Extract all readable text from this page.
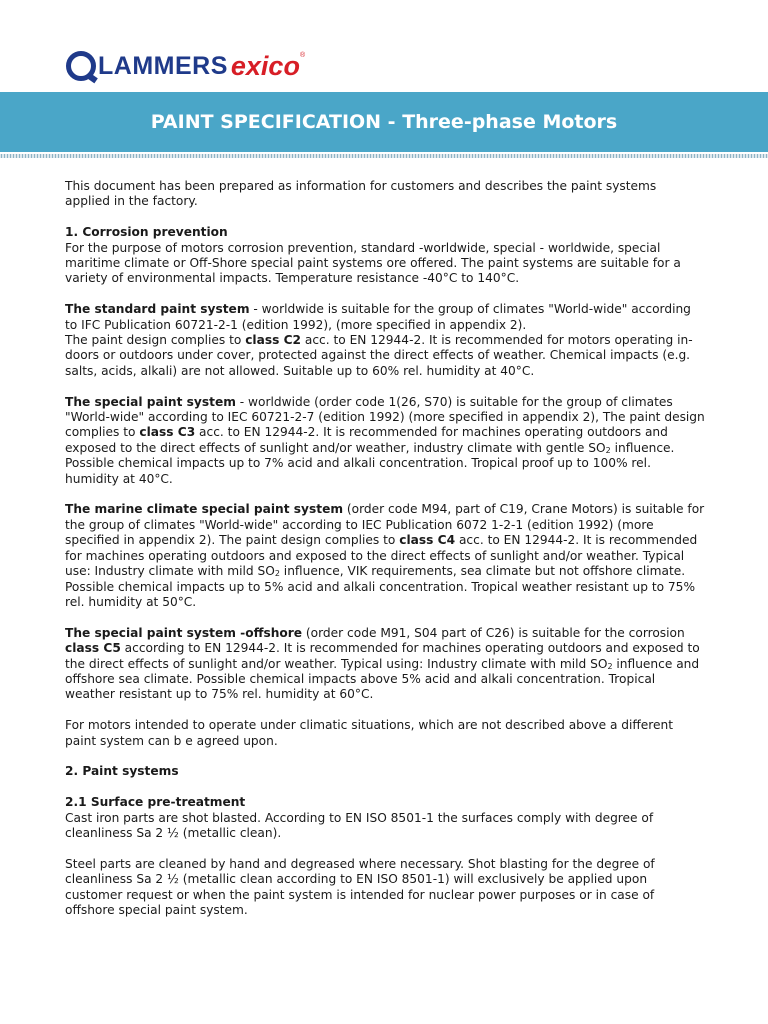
LAMMERS exico ®
PAINT SPECIFICATION - Three-phase Motors

This document has been prepared as information for customers and describes the paint systems applied in the factory.

1. Corrosion prevention
For the purpose of motors corrosion prevention, standard -worldwide, special - worldwide, special maritime climate or Off-Shore special paint systems ore offered. The paint systems are suitable for a variety of environmental impacts. Temperature resistance -40°C to 140°C.

The standard paint system - worldwide is suitable for the group of climates "World-wide" according to IFC Publication 60721-2-1 (edition 1992), (more specified in appendix 2).
The paint design complies to class C2 acc. to EN 12944-2. It is recommended for motors operating in-doors or outdoors under cover, protected against the direct effects of weather. Chemical impacts (e.g. salts, acids, alkali) are not allowed. Suitable up to 60% rel. humidity at 40°C.

The special paint system - worldwide (order code 1(26, S70) is suitable for the group of climates "World-wide" according to IEC 60721-2-7 (edition 1992) (more specified in appendix 2), The paint design complies to class C3 acc. to EN 12944-2. It is recommended for machines operating outdoors and exposed to the direct effects of sunlight and/or weather, industry climate with gentle $SO_2$ influence. Possible chemical impacts up to 7% acid and alkali concentration. Tropical proof up to 100% rel. humidity at 40°C.

The marine climate special paint system (order code M94, part of C19, Crane Motors) is suitable for the group of climates "World-wide" according to IEC Publication 6072 1-2-1 (edition 1992) (more specified in appendix 2). The paint design complies to class C4 acc. to EN 12944-2. It is recommended for machines operating outdoors and exposed to the direct effects of sunlight and/or weather. Typical use: Industry climate with mild $SO_2$ influence, VIK requirements, sea climate but not offshore climate. Possible chemical impacts up to 5% acid and alkali concentration. Tropical weather resistant up to 75% rel. humidity at 50°C.

The special paint system -offshore (order code M91, S04 part of C26) is suitable for the corrosion class C5 according to EN 12944-2. It is recommended for machines operating outdoors and exposed to the direct effects of sunlight and/or weather. Typical using: Industry climate with mild $SO_2$ influence and offshore sea climate. Possible chemical impacts above 5% acid and alkali concentration. Tropical weather resistant up to 75% rel. humidity at 60°C.

For motors intended to operate under climatic situations, which are not described above a different paint system can b e agreed upon.

2. Paint systems

2.1 Surface pre-treatment
Cast iron parts are shot blasted. According to EN ISO 8501-1 the surfaces comply with degree of cleanliness Sa 2 ½ (metallic clean).

Steel parts are cleaned by hand and degreased where necessary. Shot blasting for the degree of cleanliness Sa 2 ½ (metallic clean according to EN ISO 8501-1) will exclusively be applied upon customer request or when the paint system is intended for nuclear power purposes or in case of offshore special paint system.
